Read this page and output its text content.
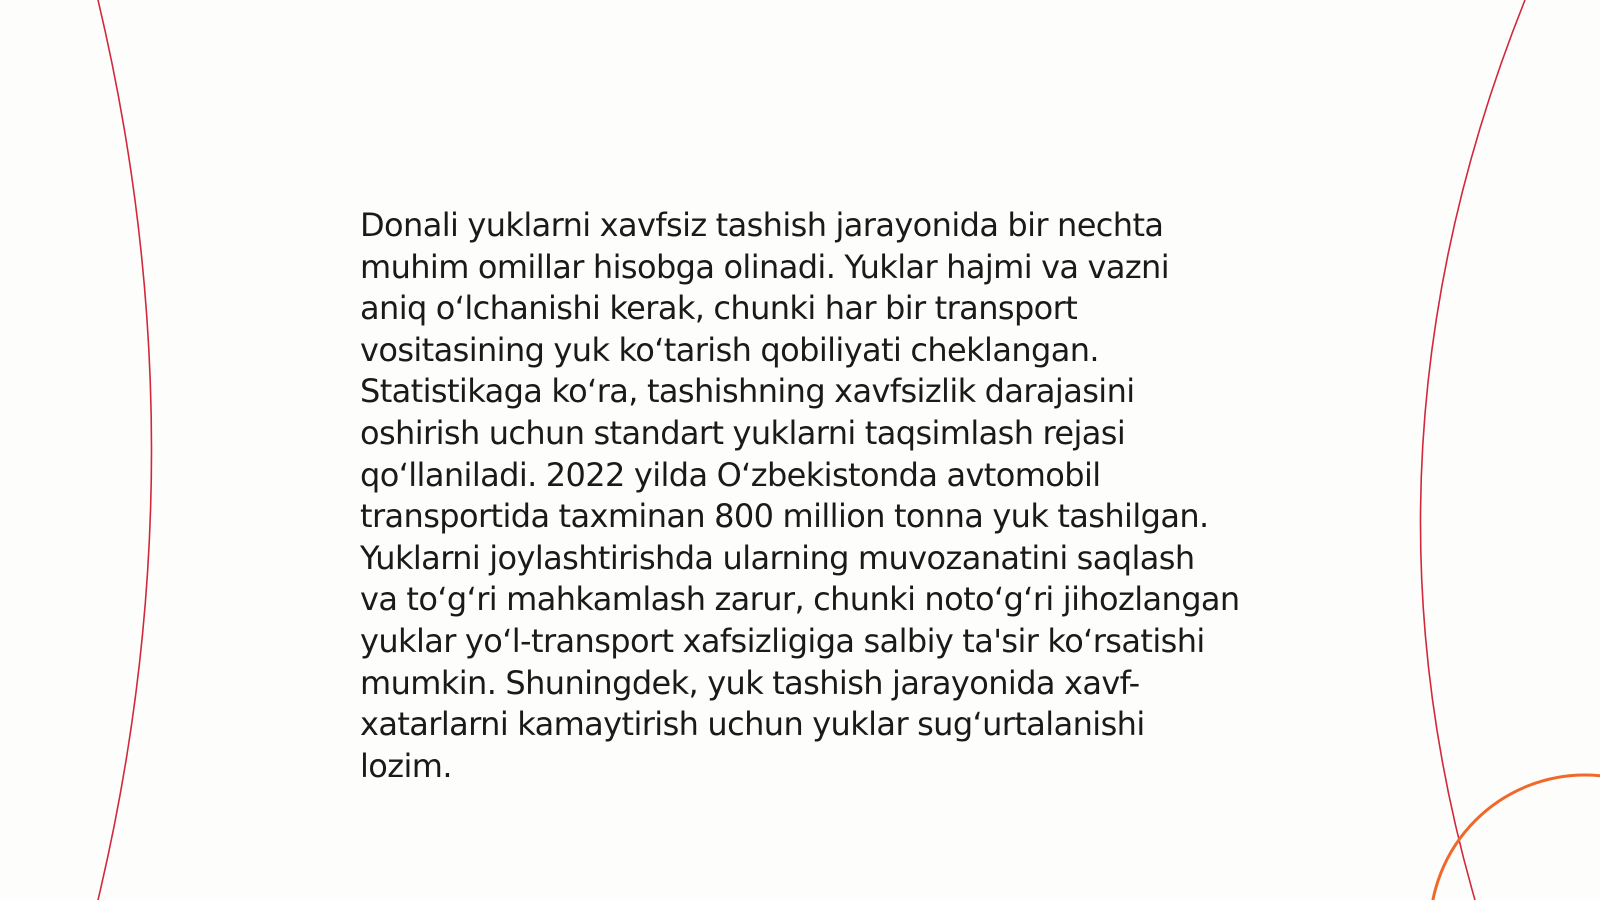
Donali yuklarni xavfsiz tashish jarayonida bir nechta muhim omillar hisobga olinadi. Yuklar hajmi va vazni aniq oʻlchanishi kerak, chunki har bir transport vositasining yuk koʻtarish qobiliyati cheklangan. Statistikaga koʻra, tashishning xavfsizlik darajasini oshirish uchun standart yuklarni taqsimlash rejasi qoʻllaniladi. 2022 yilda Oʻzbekistonda avtomobil transportida taxminan 800 million tonna yuk tashilgan. Yuklarni joylashtirishda ularning muvozanatini saqlash va toʻgʻri mahkamlash zarur, chunki notoʻgʻri jihozlangan yuklar yoʻl-transport xafsizligiga salbiy ta'sir koʻrsatishi mumkin. Shuningdek, yuk tashish jarayonida xavf-xatarlarni kamaytirish uchun yuklar sugʻurtalanishi lozim.
